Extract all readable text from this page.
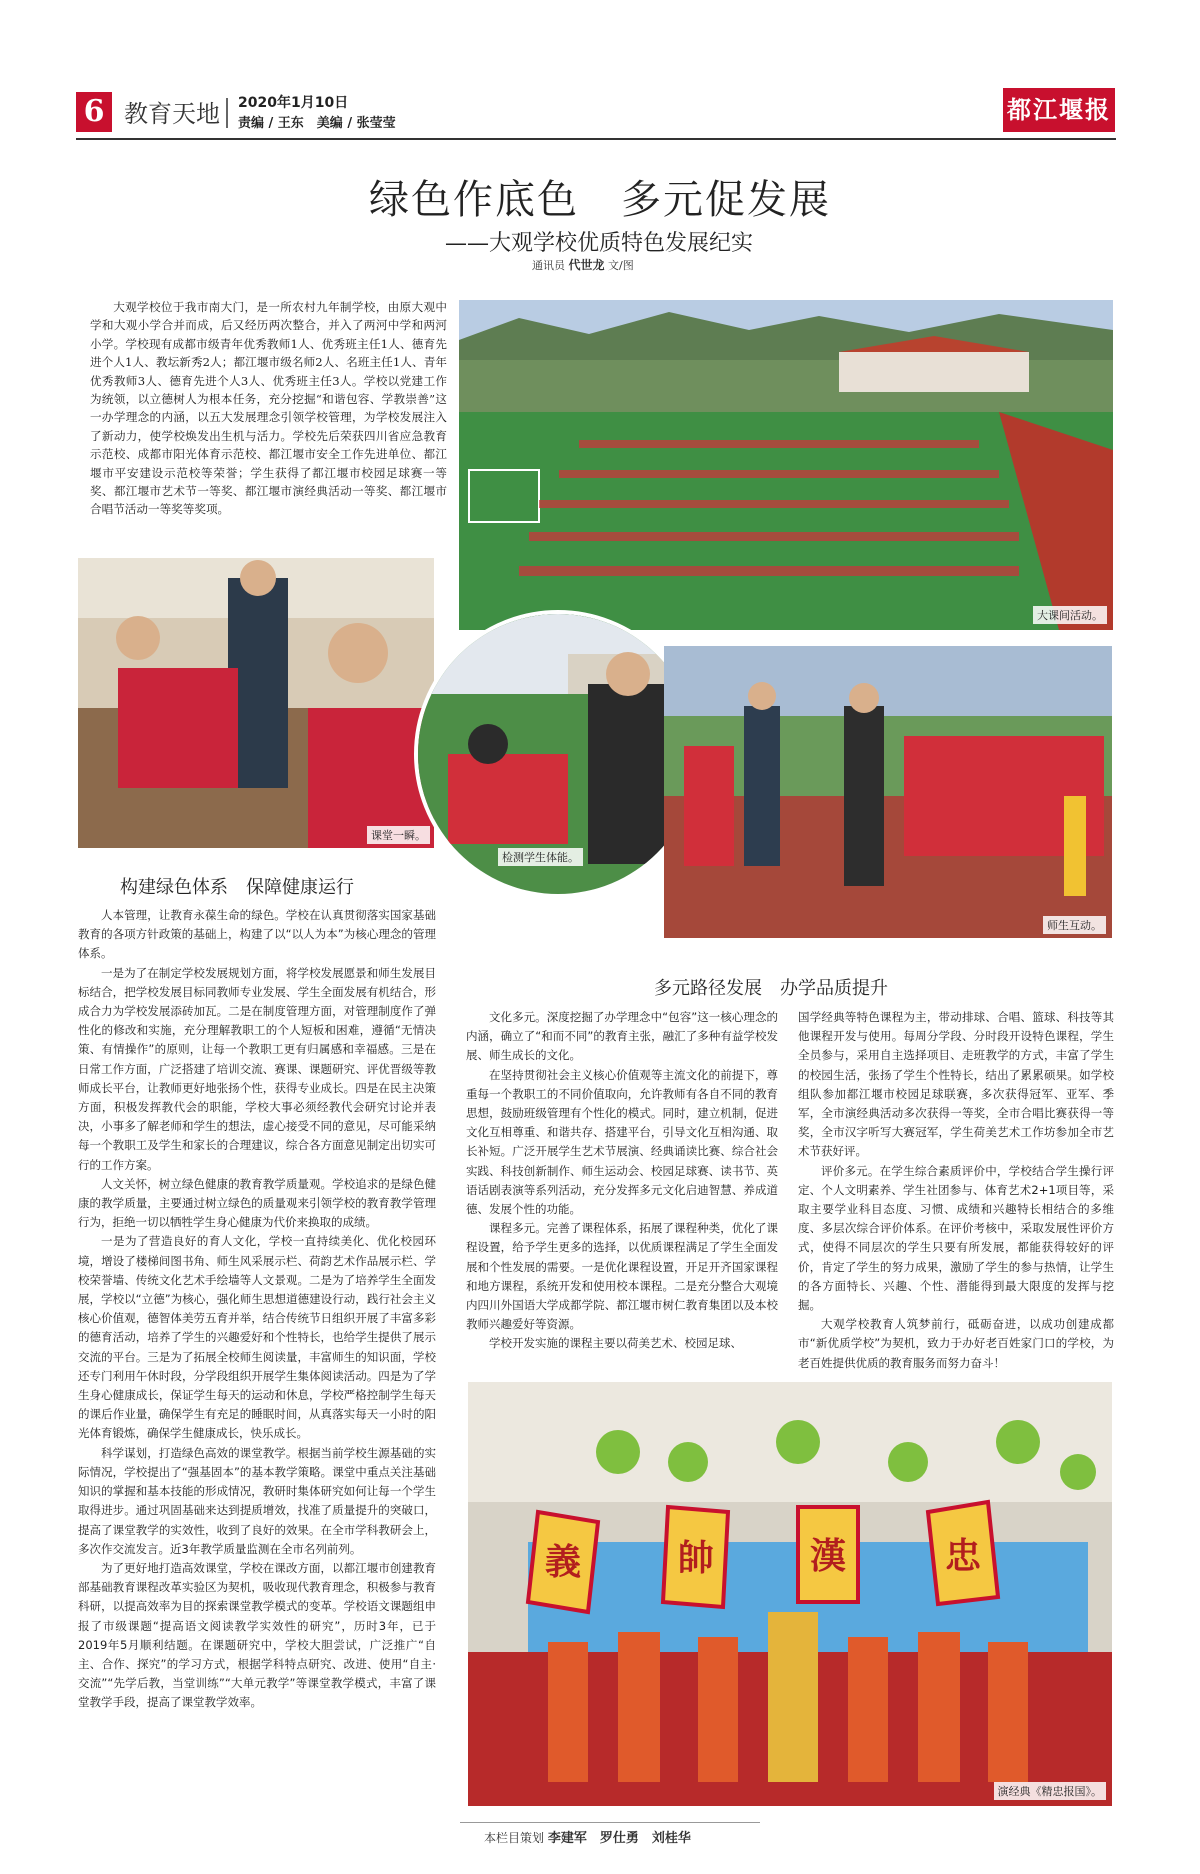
6 教育天地 2020年1月10日
责编 / 王东　美编 / 张莹莹	都江堰报
绿色作底色　多元促发展
——大观学校优质特色发展纪实
通讯员 代世龙 文/图

大观学校位于我市南大门，是一所农村九年制学校，由原大观中学和大观小学合并而成，后又经历两次整合，并入了两河中学和两河小学。学校现有成都市级青年优秀教师1人、优秀班主任1人、德育先进个人1人、教坛新秀2人；都江堰市级名师2人、名班主任1人、青年优秀教师3人、德育先进个人3人、优秀班主任3人。学校以党建工作为统领，以立德树人为根本任务，充分挖掘“和谐包容、学教崇善”这一办学理念的内涵，以五大发展理念引领学校管理，为学校发展注入了新动力，使学校焕发出生机与活力。学校先后荣获四川省应急教育示范校、成都市阳光体育示范校、都江堰市安全工作先进单位、都江堰市平安建设示范校等荣誉；学生获得了都江堰市校园足球赛一等奖、都江堰市艺术节一等奖、都江堰市演经典活动一等奖、都江堰市合唱节活动一等奖等奖项。

大课间活动。
课堂一瞬。
检测学生体能。
师生互动。
构建绿色体系　保障健康运行

人本管理，让教育永葆生命的绿色。学校在认真贯彻落实国家基础教育的各项方针政策的基础上，构建了以“以人为本”为核心理念的管理体系。

一是为了在制定学校发展规划方面，将学校发展愿景和师生发展目标结合，把学校发展目标同教师专业发展、学生全面发展有机结合，形成合力为学校发展添砖加瓦。二是在制度管理方面，对管理制度作了弹性化的修改和实施，充分理解教职工的个人短板和困难，遵循“无情决策、有情操作”的原则，让每一个教职工更有归属感和幸福感。三是在日常工作方面，广泛搭建了培训交流、赛课、课题研究、评优晋级等教师成长平台，让教师更好地张扬个性，获得专业成长。四是在民主决策方面，积极发挥教代会的职能，学校大事必须经教代会研究讨论并表决，小事多了解老师和学生的想法，虚心接受不同的意见，尽可能采纳每一个教职工及学生和家长的合理建议，综合各方面意见制定出切实可行的工作方案。

人文关怀，树立绿色健康的教育教学质量观。学校追求的是绿色健康的教学质量，主要通过树立绿色的质量观来引领学校的教育教学管理行为，拒绝一切以牺牲学生身心健康为代价来换取的成绩。

一是为了营造良好的育人文化，学校一直持续美化、优化校园环境，增设了楼梯间图书角、师生风采展示栏、荷韵艺术作品展示栏、学校荣誉墙、传统文化艺术手绘墙等人文景观。二是为了培养学生全面发展，学校以“立德”为核心，强化师生思想道德建设行动，践行社会主义核心价值观，德智体美劳五育并举，结合传统节日组织开展了丰富多彩的德育活动，培养了学生的兴趣爱好和个性特长，也给学生提供了展示交流的平台。三是为了拓展全校师生阅读量，丰富师生的知识面，学校还专门利用午休时段，分学段组织开展学生集体阅读活动。四是为了学生身心健康成长，保证学生每天的运动和休息，学校严格控制学生每天的课后作业量，确保学生有充足的睡眠时间，从真落实每天一小时的阳光体育锻炼，确保学生健康成长，快乐成长。

科学谋划，打造绿色高效的课堂教学。根据当前学校生源基础的实际情况，学校提出了“强基固本”的基本教学策略。课堂中重点关注基础知识的掌握和基本技能的形成情况，教研时集体研究如何让每一个学生取得进步。通过巩固基础来达到提质增效，找准了质量提升的突破口，提高了课堂教学的实效性，收到了良好的效果。在全市学科教研会上，多次作交流发言。近3年教学质量监测在全市名列前列。

为了更好地打造高效课堂，学校在课改方面，以都江堰市创建教育部基础教育课程改革实验区为契机，吸收现代教育理念，积极参与教育科研，以提高效率为目的探索课堂教学模式的变革。学校语文课题组申报了市级课题“提高语文阅读教学实效性的研究”，历时3年，已于2019年5月顺利结题。在课题研究中，学校大胆尝试，广泛推广“自主、合作、探究”的学习方式，根据学科特点研究、改进、使用“自主·交流”“先学后教，当堂训练”“大单元教学”等课堂教学模式，丰富了课堂教学手段，提高了课堂教学效率。

多元路径发展　办学品质提升

文化多元。深度挖掘了办学理念中“包容”这一核心理念的内涵，确立了“和而不同”的教育主张，融汇了多种有益学校发展、师生成长的文化。

在坚持贯彻社会主义核心价值观等主流文化的前提下，尊重每一个教职工的不同价值取向，允许教师有各自不同的教育思想，鼓励班级管理有个性化的模式。同时，建立机制，促进文化互相尊重、和谐共存、搭建平台，引导文化互相沟通、取长补短。广泛开展学生艺术节展演、经典诵读比赛、综合社会实践、科技创新制作、师生运动会、校园足球赛、读书节、英语话剧表演等系列活动，充分发挥多元文化启迪智慧、养成道德、发展个性的功能。

课程多元。完善了课程体系，拓展了课程种类，优化了课程设置，给予学生更多的选择，以优质课程满足了学生全面发展和个性发展的需要。一是优化课程设置，开足开齐国家课程和地方课程，系统开发和使用校本课程。二是充分整合大观境内四川外国语大学成都学院、都江堰市树仁教育集团以及本校教师兴趣爱好等资源。

学校开发实施的课程主要以荷美艺术、校园足球、

国学经典等特色课程为主，带动排球、合唱、篮球、科技等其他课程开发与使用。每周分学段、分时段开设特色课程，学生全员参与，采用自主选择项目、走班教学的方式，丰富了学生的校园生活，张扬了学生个性特长，结出了累累硕果。如学校组队参加都江堰市校园足球联赛，多次获得冠军、亚军、季军，全市演经典活动多次获得一等奖，全市合唱比赛获得一等奖，全市汉字听写大赛冠军，学生荷美艺术工作坊参加全市艺术节获好评。

评价多元。在学生综合素质评价中，学校结合学生操行评定、个人文明素养、学生社团参与、体育艺术2+1项目等，采取主要学业科目态度、习惯、成绩和兴趣特长相结合的多维度、多层次综合评价体系。在评价考核中，采取发展性评价方式，使得不同层次的学生只要有所发展，都能获得较好的评价，肯定了学生的努力成果，激励了学生的参与热情，让学生的各方面特长、兴趣、个性、潜能得到最大限度的发挥与挖掘。

大观学校教育人筑梦前行，砥砺奋进，以成功创建成都市“新优质学校”为契机，致力于办好老百姓家门口的学校，为老百姓提供优质的教育服务而努力奋斗！

義	帥	漢	忠
演经典《精忠报国》。
本栏目策划 李建军　罗仕勇　刘桂华
